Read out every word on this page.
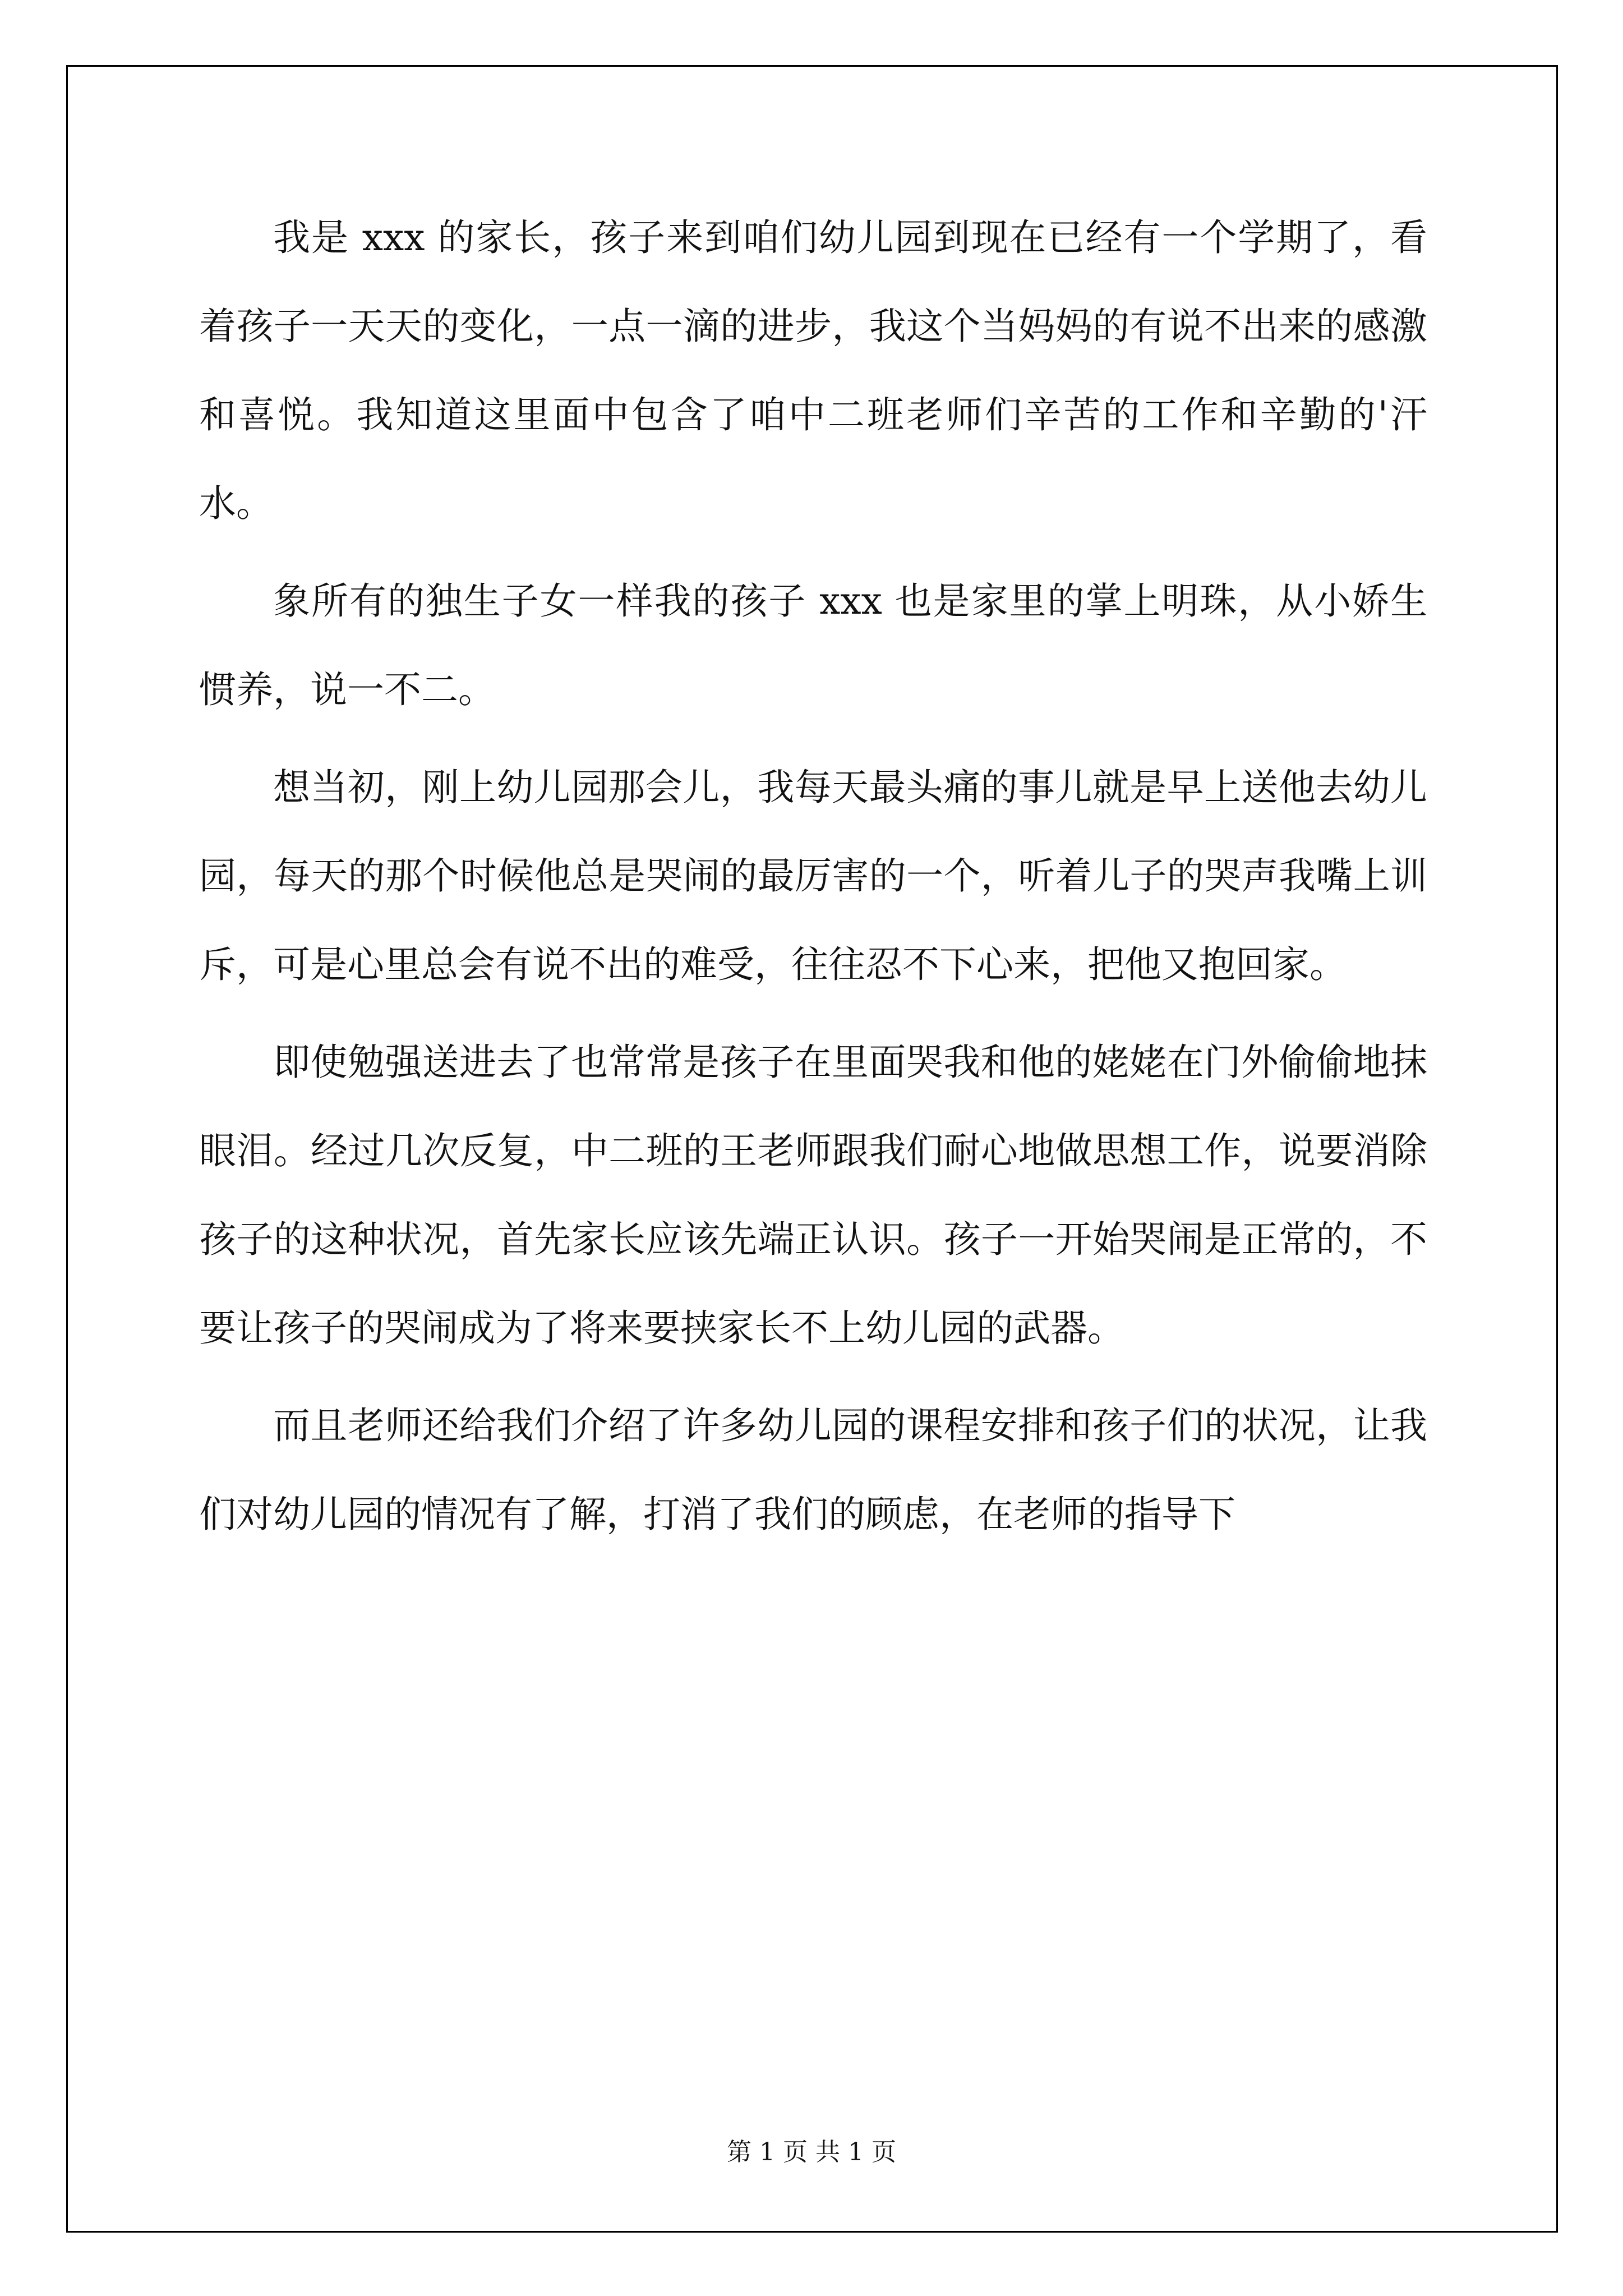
我是 xxx 的家长，孩子来到咱们幼儿园到现在已经有一个学期了，看着孩子一天天的变化，一点一滴的进步，我这个当妈妈的有说不出来的感激和喜悦。我知道这里面中包含了咱中二班老师们辛苦的工作和辛勤的'汗水。

象所有的独生子女一样我的孩子 xxx 也是家里的掌上明珠，从小娇生惯养，说一不二。

想当初，刚上幼儿园那会儿，我每天最头痛的事儿就是早上送他去幼儿园，每天的那个时候他总是哭闹的最厉害的一个，听着儿子的哭声我嘴上训斥，可是心里总会有说不出的难受，往往忍不下心来，把他又抱回家。

即使勉强送进去了也常常是孩子在里面哭我和他的姥姥在门外偷偷地抹眼泪。经过几次反复，中二班的王老师跟我们耐心地做思想工作，说要消除孩子的这种状况，首先家长应该先端正认识。孩子一开始哭闹是正常的，不要让孩子的哭闹成为了将来要挟家长不上幼儿园的武器。

而且老师还给我们介绍了许多幼儿园的课程安排和孩子们的状况，让我们对幼儿园的情况有了解，打消了我们的顾虑，在老师的指导下

第 1 页 共 1 页
